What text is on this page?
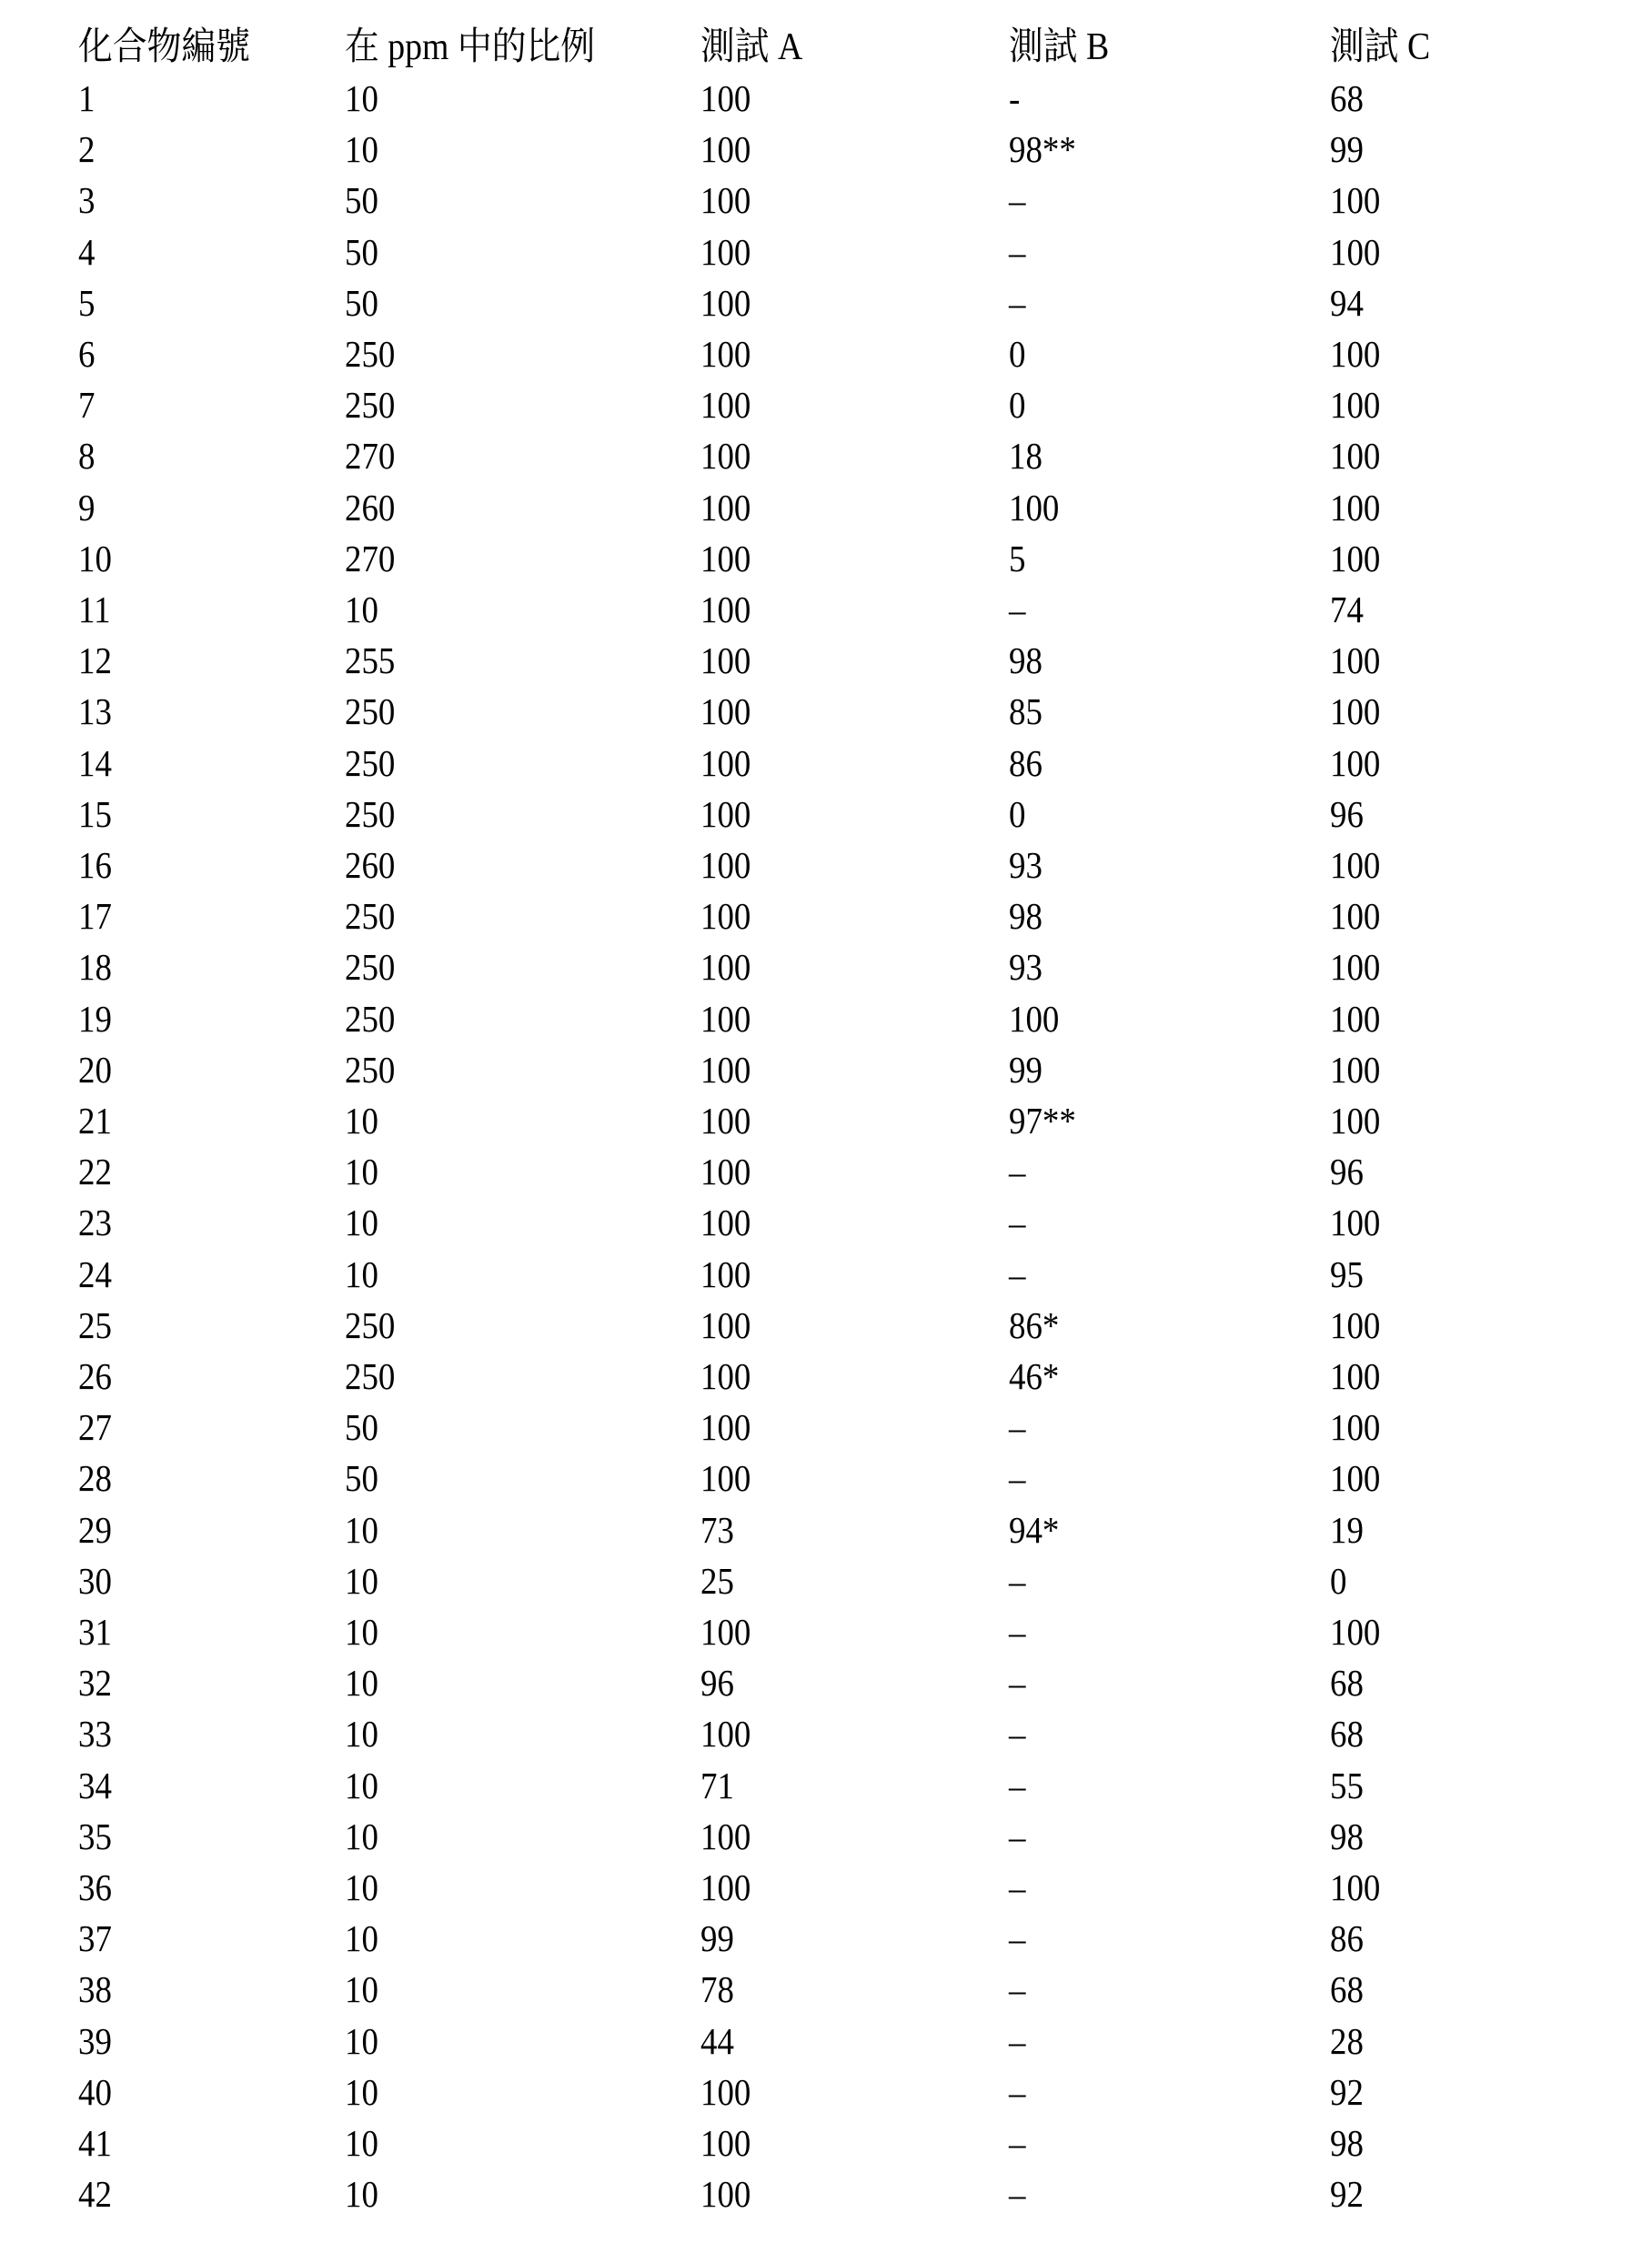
化合物編號 在 ppm 中的比例	測試 A	測試 B	測試 C
1	10	100	-	68
2	10	100	98**	99
3	50	100	–	100
4	50	100	–	100
5	50	100	–	94
6	250	100	0	100
7	250	100	0	100
8	270	100	18	100
9	260	100	100	100
10	270	100	5	100
11	10	100	–	74
12	255	100	98	100
13	250	100	85	100
14	250	100	86	100
15	250	100	0	96
16	260	100	93	100
17	250	100	98	100
18	250	100	93	100
19	250	100	100	100
20	250	100	99	100
21	10	100	97**	100
22	10	100	–	96
23	10	100	–	100
24	10	100	–	95
25	250	100	86*	100
26	250	100	46*	100
27	50	100	–	100
28	50	100	–	100
29	10	73	94*	19
30	10	25	–	0
31	10	100	–	100
32	10	96	–	68
33	10	100	–	68
34	10	71	–	55
35	10	100	–	98
36	10	100	–	100
37	10	99	–	86
38	10	78	–	68
39	10	44	–	28
40	10	100	–	92
41	10	100	–	98
42	10	100	–	92
